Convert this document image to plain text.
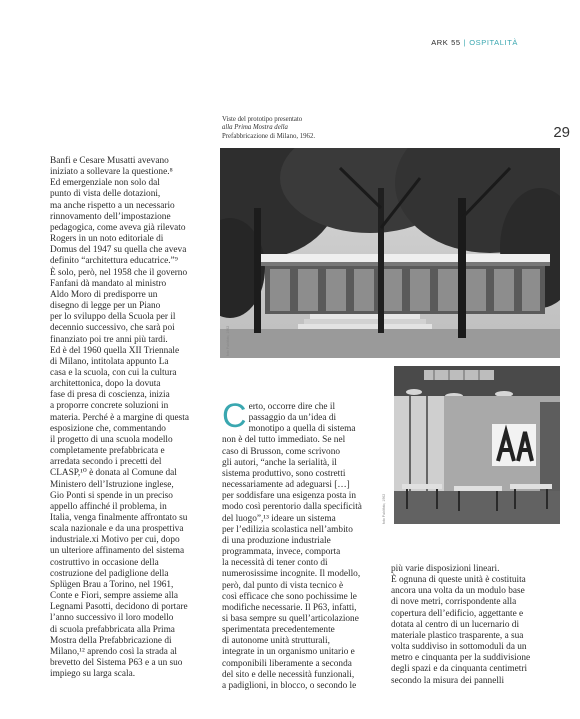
ARK 55 | OSPITALITÀ
29
Viste del prototipo presentato
alla Prima Mostra della
Prefabbricazione di Milano, 1962.
foto Publifoto, 1962
foto Publifoto, 1962
Banfi e Cesare Musatti avevano
iniziato a sollevare la questione.⁸
Ed emergenziale non solo dal
punto di vista delle dotazioni,
ma anche rispetto a un necessario
rinnovamento dell’impostazione
pedagogica, come aveva già rilevato
Rogers in un noto editoriale di
Domus del 1947 su quella che aveva
definito “architettura educatrice.”⁹
È solo, però, nel 1958 che il governo
Fanfani dà mandato al ministro
Aldo Moro di predisporre un
disegno di legge per un Piano
per lo sviluppo della Scuola per il
decennio successivo, che sarà poi
finanziato poi tre anni più tardi.
Ed è del 1960 quella XII Triennale
di Milano, intitolata appunto La
casa e la scuola, con cui la cultura
architettonica, dopo la dovuta
fase di presa di coscienza, inizia
a proporre concrete soluzioni in
materia. Perché è a margine di questa
esposizione che, commentando
il progetto di una scuola modello
completamente prefabbricata e
arredata secondo i precetti del
CLASP,¹⁰ è donata al Comune dal
Ministero dell’Istruzione inglese,
Gio Ponti si spende in un preciso
appello affinché il problema, in
Italia, venga finalmente affrontato su
scala nazionale e da una prospettiva
industriale.xi Motivo per cui, dopo
un ulteriore affinamento del sistema
costruttivo in occasione della
costruzione del padiglione della
Splügen Brau a Torino, nel 1961,
Conte e Fiori, sempre assieme alla
Legnami Pasotti, decidono di portare
l’anno successivo il loro modello
di scuola prefabbricata alla Prima
Mostra della Prefabbricazione di
Milano,¹² aprendo così la strada al
brevetto del Sistema P63 e a un suo
impiego su larga scala.
C erto, occorre dire che il
passaggio da un’idea di
monotipo a quella di sistema
non è del tutto immediato. Se nel
caso di Brusson, come scrivono
gli autori, “anche la serialità, il
sistema produttivo, sono costretti
necessariamente ad adeguarsi […]
per soddisfare una esigenza posta in
modo così perentorio dalla specificità
del luogo”,¹³ ideare un sistema
per l’edilizia scolastica nell’ambito
di una produzione industriale
programmata, invece, comporta
la necessità di tener conto di
numerosissime incognite. Il modello,
però, dal punto di vista tecnico è
così efficace che sono pochissime le
modifiche necessarie. Il P63, infatti,
si basa sempre su quell’articolazione
sperimentata precedentemente
di autonome unità strutturali,
integrate in un organismo unitario e
componibili liberamente a seconda
del sito e delle necessità funzionali,
a padiglioni, in blocco, o secondo le
più varie disposizioni lineari.
È ognuna di queste unità è costituita
ancora una volta da un modulo base
di nove metri, corrispondente alla
copertura dell’edificio, aggettante e
dotata al centro di un lucernario di
materiale plastico trasparente, a sua
volta suddiviso in sottomoduli da un
metro e cinquanta per la suddivisione
degli spazi e da cinquanta centimetri
secondo la misura dei pannelli
